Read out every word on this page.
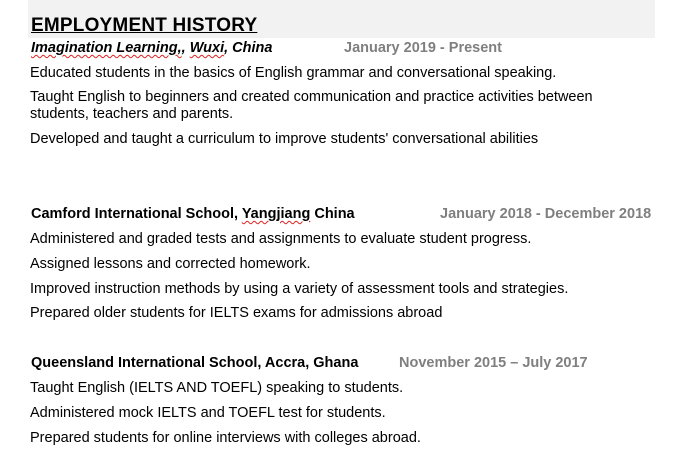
EMPLOYMENT HISTORY
Imagination Learning,, Wuxi, China	January 2019 - Present
Educated students in the basics of English grammar and conversational speaking.
Taught English to beginners and created communication and practice activities between
students, teachers and parents.
Developed and taught a curriculum to improve students' conversational abilities
Camford International School, Yangjiang China	January 2018 - December 2018
Administered and graded tests and assignments to evaluate student progress.
Assigned lessons and corrected homework.
Improved instruction methods by using a variety of assessment tools and strategies.
Prepared older students for IELTS exams for admissions abroad
Queensland International School, Accra, Ghana	November 2015 – July 2017
Taught English (IELTS AND TOEFL) speaking to students.
Administered mock IELTS and TOEFL test for students.
Prepared students for online interviews with colleges abroad.
